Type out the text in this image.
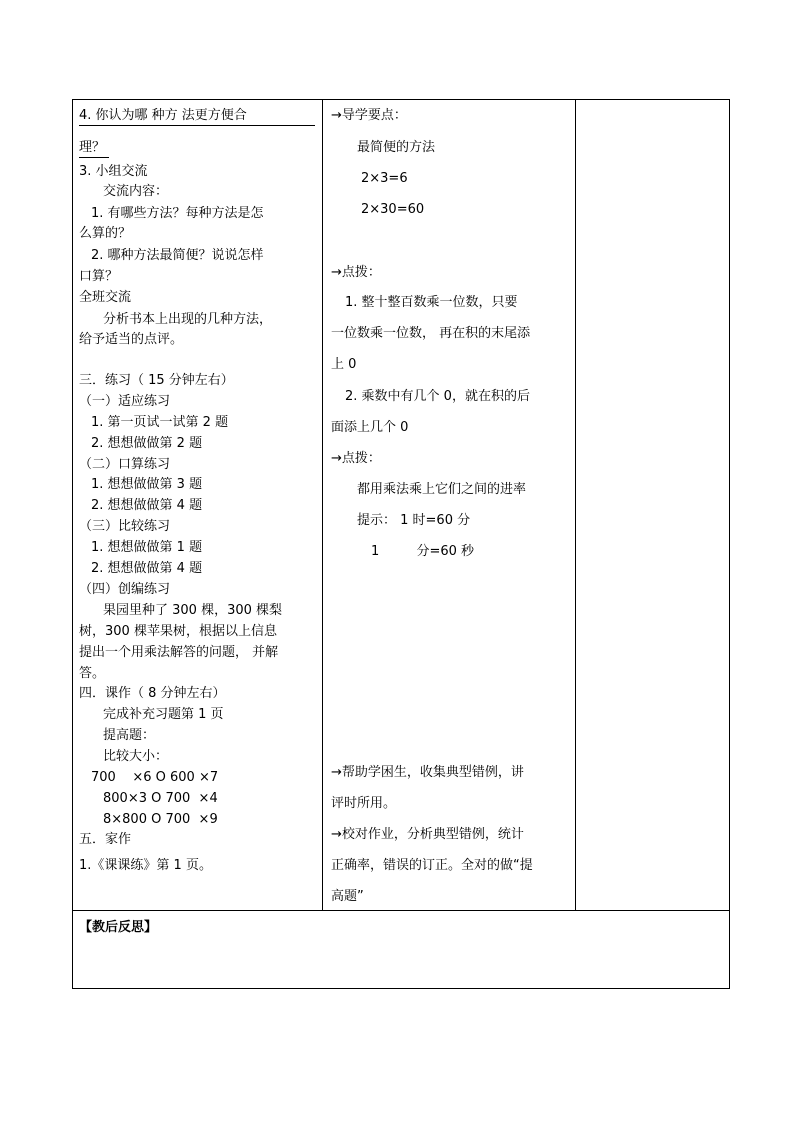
4. 你认为哪 种方 法更方便合
理？
3. 小组交流
交流内容：
1. 有哪些方法？每种方法是怎
么算的？
2. 哪种方法最简便？说说怎样
口算？
全班交流
分析书本上出现的几种方法，
给予适当的点评。
三．练习（ 15 分钟左右）
（一）适应练习
1. 第一页试一试第 2 题
2. 想想做做第 2 题
（二）口算练习
1. 想想做做第 3 题
2. 想想做做第 4 题
（三）比较练习
1. 想想做做第 1 题
2. 想想做做第 4 题
（四）创编练习
果园里种了 300 棵，300 棵梨
树，300 棵苹果树，根据以上信息
提出一个用乘法解答的问题， 并解
答。
四．课作（ 8 分钟左右）
完成补充习题第 1 页
提高题：
比较大小：
700    ×6 O 600 ×7
800×3 O 700  ×4
8×800 O 700  ×9
五．家作
1.《课课练》第 1 页。
→导学要点：
最简便的方法
2×3=6
2×30=60
→点拨：
1. 整十整百数乘一位数，只要
一位数乘一位数， 再在积的末尾添
上 0
2. 乘数中有几个 0，就在积的后
面添上几个 0
→点拨：
都用乘法乘上它们之间的进率
提示： 1 时=60 分
1         分=60 秒
→帮助学困生，收集典型错例，讲
评时所用。
→校对作业，分析典型错例，统计
正确率，错误的订正。全对的做“提
高题”
【教后反思】
